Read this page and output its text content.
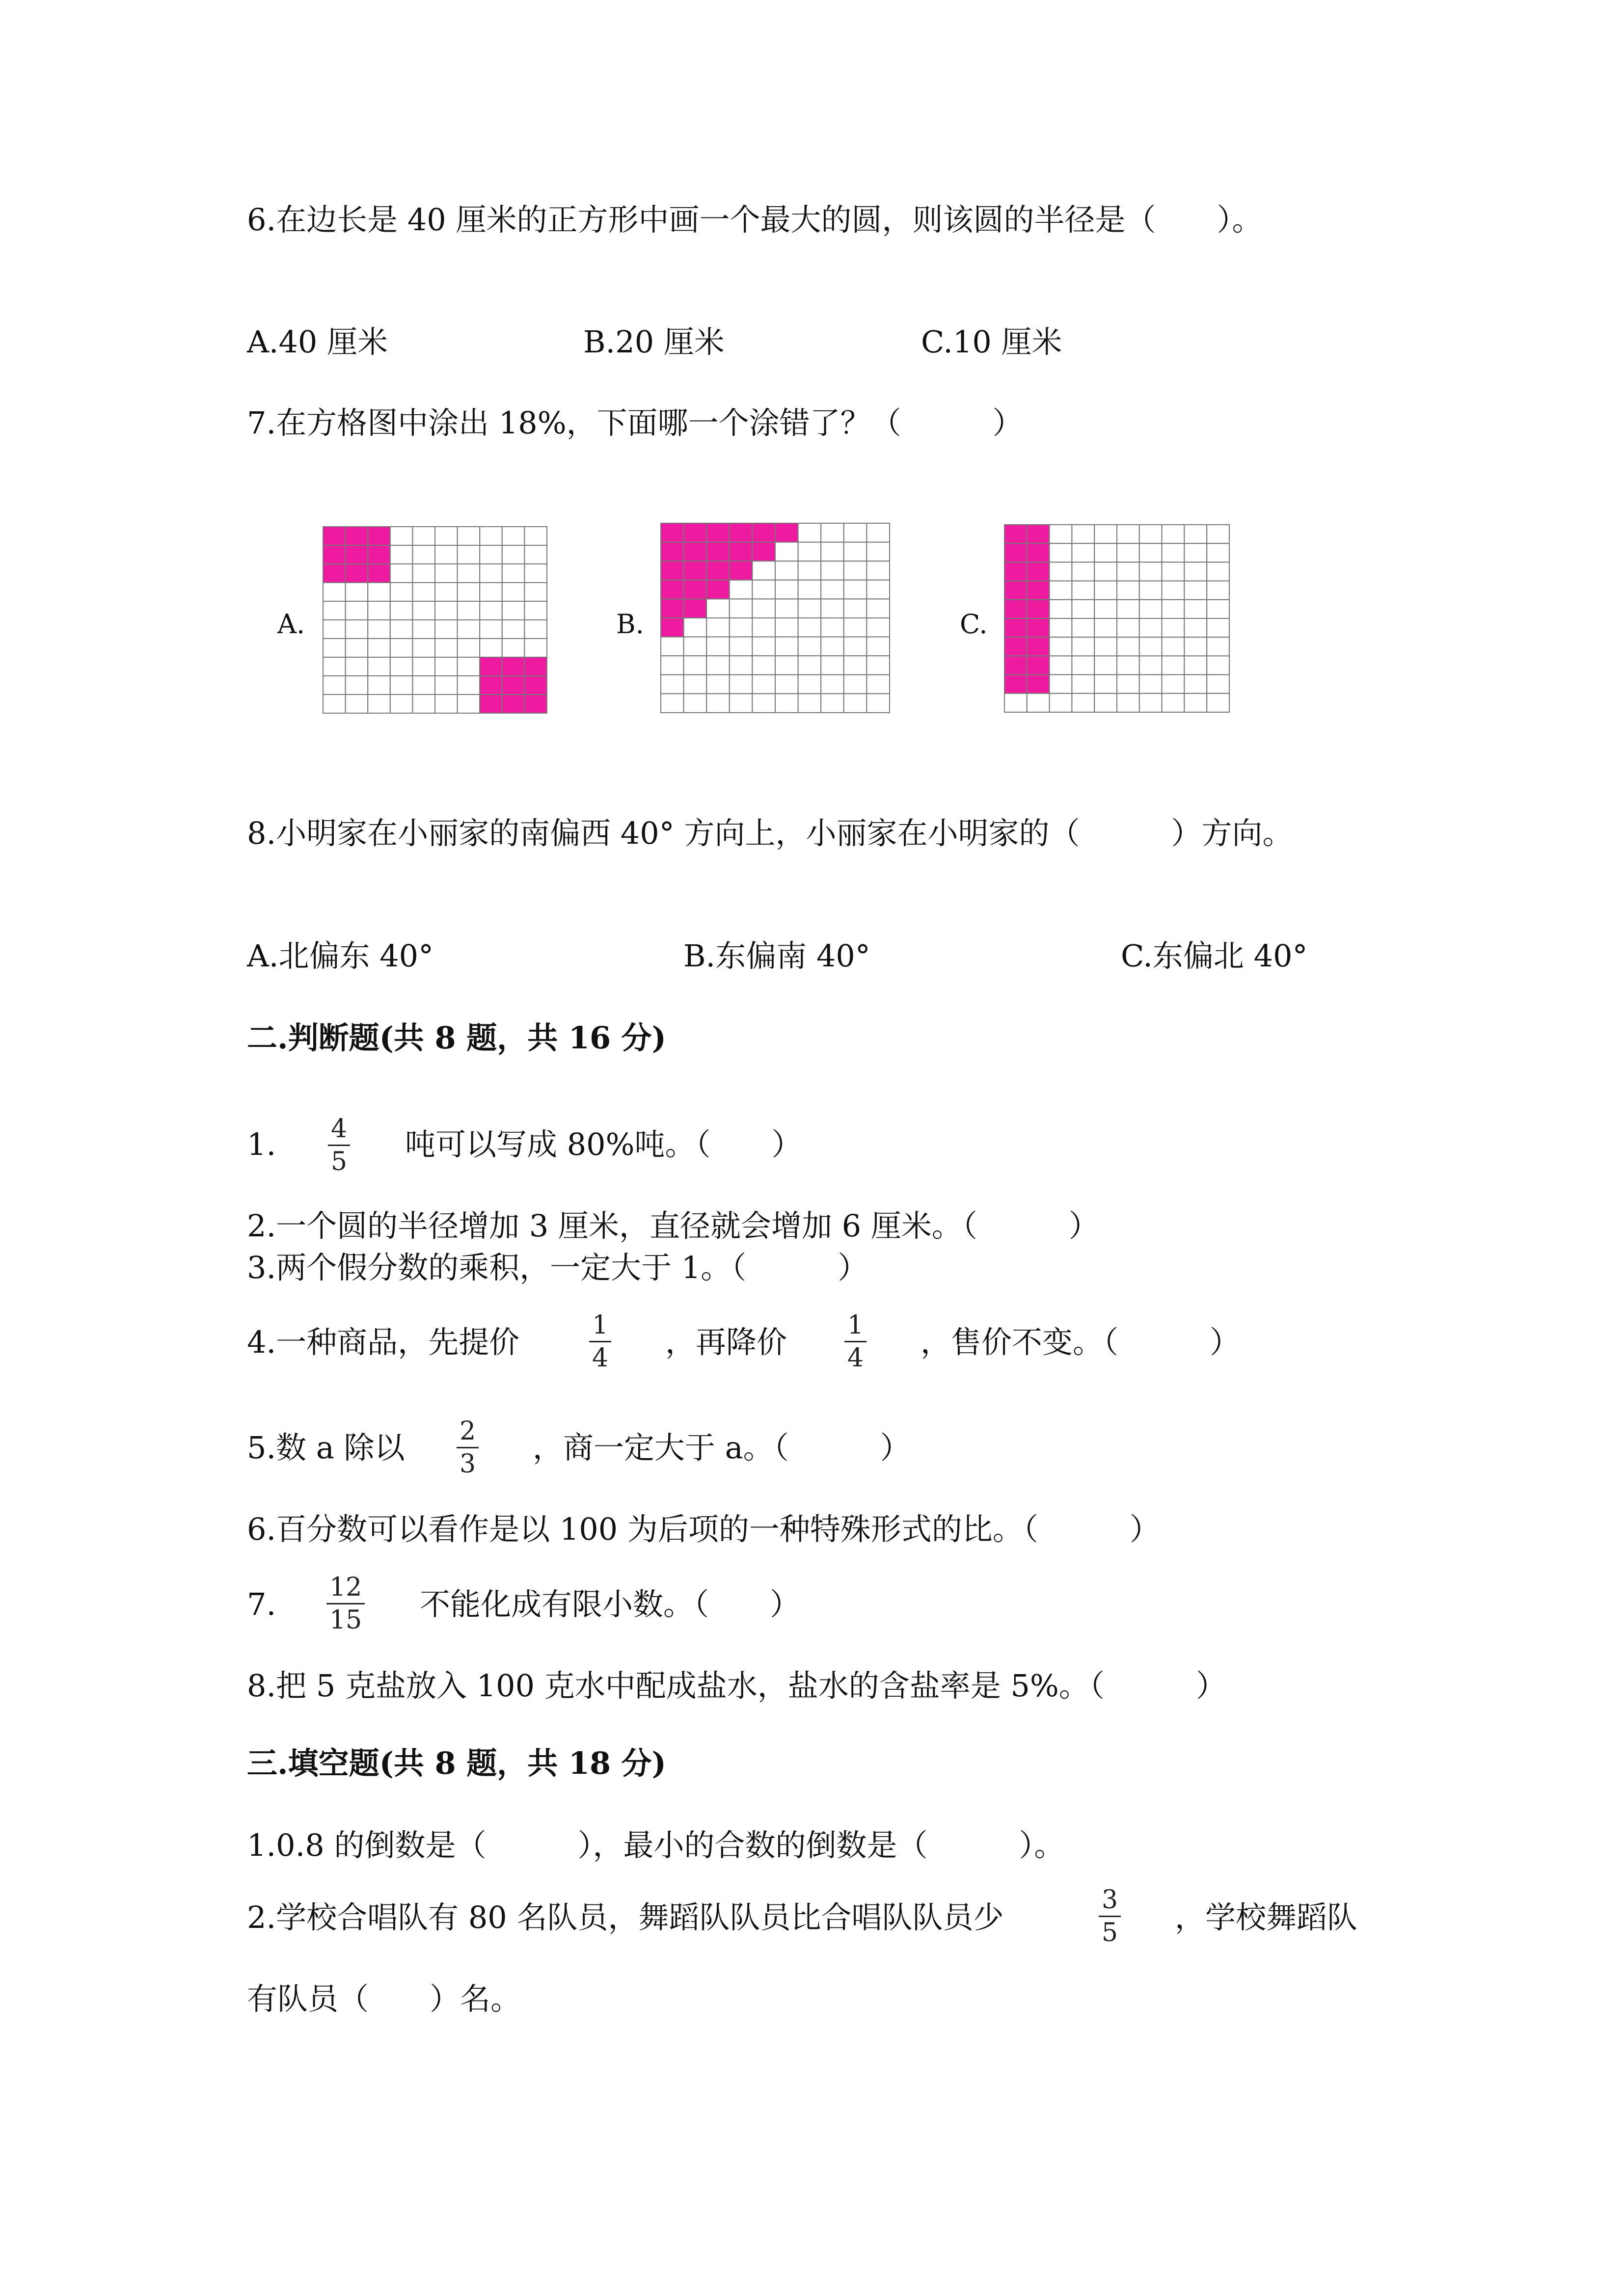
6.在边长是 40 厘米的正方形中画一个最大的圆，则该圆的半径是（　　）。
A.40 厘米	B.20 厘米	C.10 厘米
7.在方格图中涂出 18%，下面哪一个涂错了？（　　　）
A.	B.	C.
8.小明家在小丽家的南偏西 40° 方向上，小丽家在小明家的（　　　）方向。
A.北偏东 40°	B.东偏南 40°	C.东偏北 40°
二.判断题(共 8 题，共 16 分)
1. 4
5 吨可以写成 80%吨。（　　）
2.一个圆的半径增加 3 厘米，直径就会增加 6 厘米。（　　　）
3.两个假分数的乘积，一定大于 1。（　　　）
4.一种商品，先提价	1
4 ，再降价 1
4 ，售价不变。（　　　）
5.数 a 除以 2
3 ，商一定大于 a。（　　　）
6.百分数可以看作是以 100 为后项的一种特殊形式的比。（　　　）
7. 12
15 不能化成有限小数。（　　）
8.把 5 克盐放入 100 克水中配成盐水，盐水的含盐率是 5%。（　　　）
三.填空题(共 8 题，共 18 分)
1.0.8 的倒数是（　　　），最小的合数的倒数是（　　　）。
2.学校合唱队有 80 名队员，舞蹈队队员比合唱队队员少	3
5 ，学校舞蹈队
有队员（　　）名。
